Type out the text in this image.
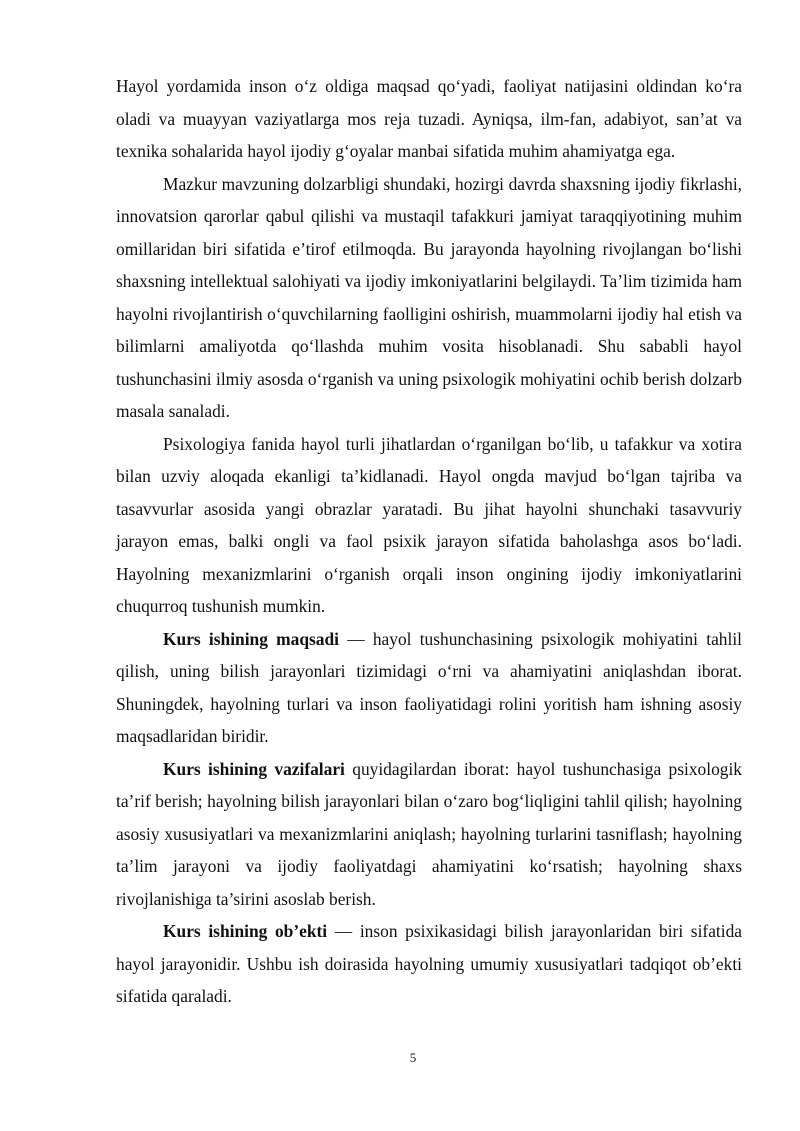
Hayol yordamida inson o‘z oldiga maqsad qo‘yadi, faoliyat natijasini oldindan ko‘ra oladi va muayyan vaziyatlarga mos reja tuzadi. Ayniqsa, ilm-fan, adabiyot, san’at va texnika sohalarida hayol ijodiy g‘oyalar manbai sifatida muhim ahamiyatga ega.

Mazkur mavzuning dolzarbligi shundaki, hozirgi davrda shaxsning ijodiy fikrlashi, innovatsion qarorlar qabul qilishi va mustaqil tafakkuri jamiyat taraqqiyotining muhim omillaridan biri sifatida e’tirof etilmoqda. Bu jarayonda hayolning rivojlangan bo‘lishi shaxsning intellektual salohiyati va ijodiy imkoniyatlarini belgilaydi. Ta’lim tizimida ham hayolni rivojlantirish o‘quvchilarning faolligini oshirish, muammolarni ijodiy hal etish va bilimlarni amaliyotda qo‘llashda muhim vosita hisoblanadi. Shu sababli hayol tushunchasini ilmiy asosda o‘rganish va uning psixologik mohiyatini ochib berish dolzarb masala sanaladi.

Psixologiya fanida hayol turli jihatlardan o‘rganilgan bo‘lib, u tafakkur va xotira bilan uzviy aloqada ekanligi ta’kidlanadi. Hayol ongda mavjud bo‘lgan tajriba va tasavvurlar asosida yangi obrazlar yaratadi. Bu jihat hayolni shunchaki tasavvuriy jarayon emas, balki ongli va faol psixik jarayon sifatida baholashga asos bo‘ladi. Hayolning mexanizmlarini o‘rganish orqali inson ongining ijodiy imkoniyatlarini chuqurroq tushunish mumkin.

Kurs ishining maqsadi — hayol tushunchasining psixologik mohiyatini tahlil qilish, uning bilish jarayonlari tizimidagi o‘rni va ahamiyatini aniqlashdan iborat. Shuningdek, hayolning turlari va inson faoliyatidagi rolini yoritish ham ishning asosiy maqsadlaridan biridir.

Kurs ishining vazifalari quyidagilardan iborat: hayol tushunchasiga psixologik ta’rif berish; hayolning bilish jarayonlari bilan o‘zaro bog‘liqligini tahlil qilish; hayolning asosiy xususiyatlari va mexanizmlarini aniqlash; hayolning turlarini tasniflash; hayolning ta’lim jarayoni va ijodiy faoliyatdagi ahamiyatini ko‘rsatish; hayolning shaxs rivojlanishiga ta’sirini asoslab berish.

Kurs ishining ob’ekti — inson psixikasidagi bilish jarayonlaridan biri sifatida hayol jarayonidir. Ushbu ish doirasida hayolning umumiy xususiyatlari tadqiqot ob’ekti sifatida qaraladi.

5
